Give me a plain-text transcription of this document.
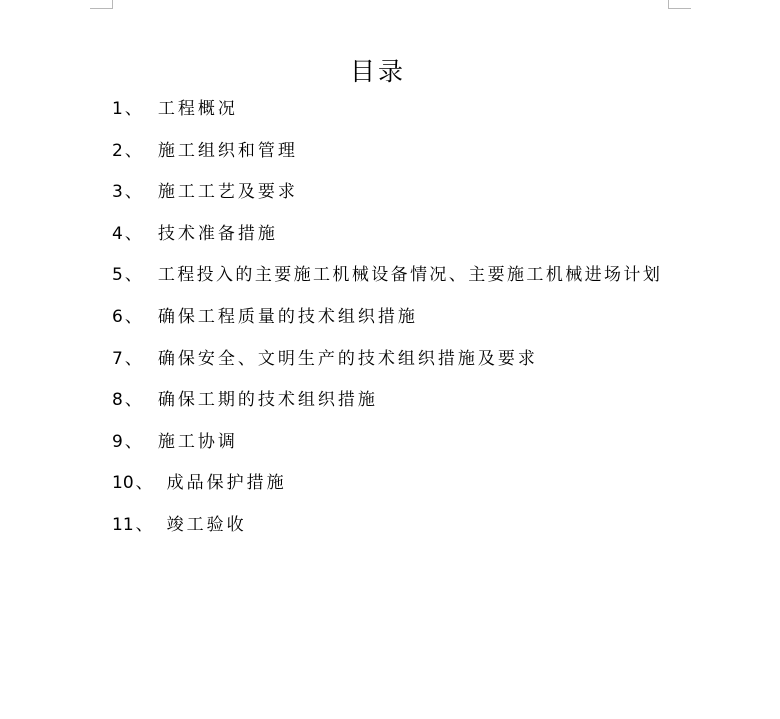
目录
1 、 工程概况
2 、 施工组织和管理
3 、 施工工艺及要求
4 、 技术准备措施
5 、 工程投入的主要施工机械设备情况、主要施工机械进场计划
6 、 确保工程质量的技术组织措施
7 、 确保安全、文明生产的技术组织措施及要求
8 、 确保工期的技术组织措施
9 、 施工协调
10 、 成品保护措施
11 、 竣工验收
